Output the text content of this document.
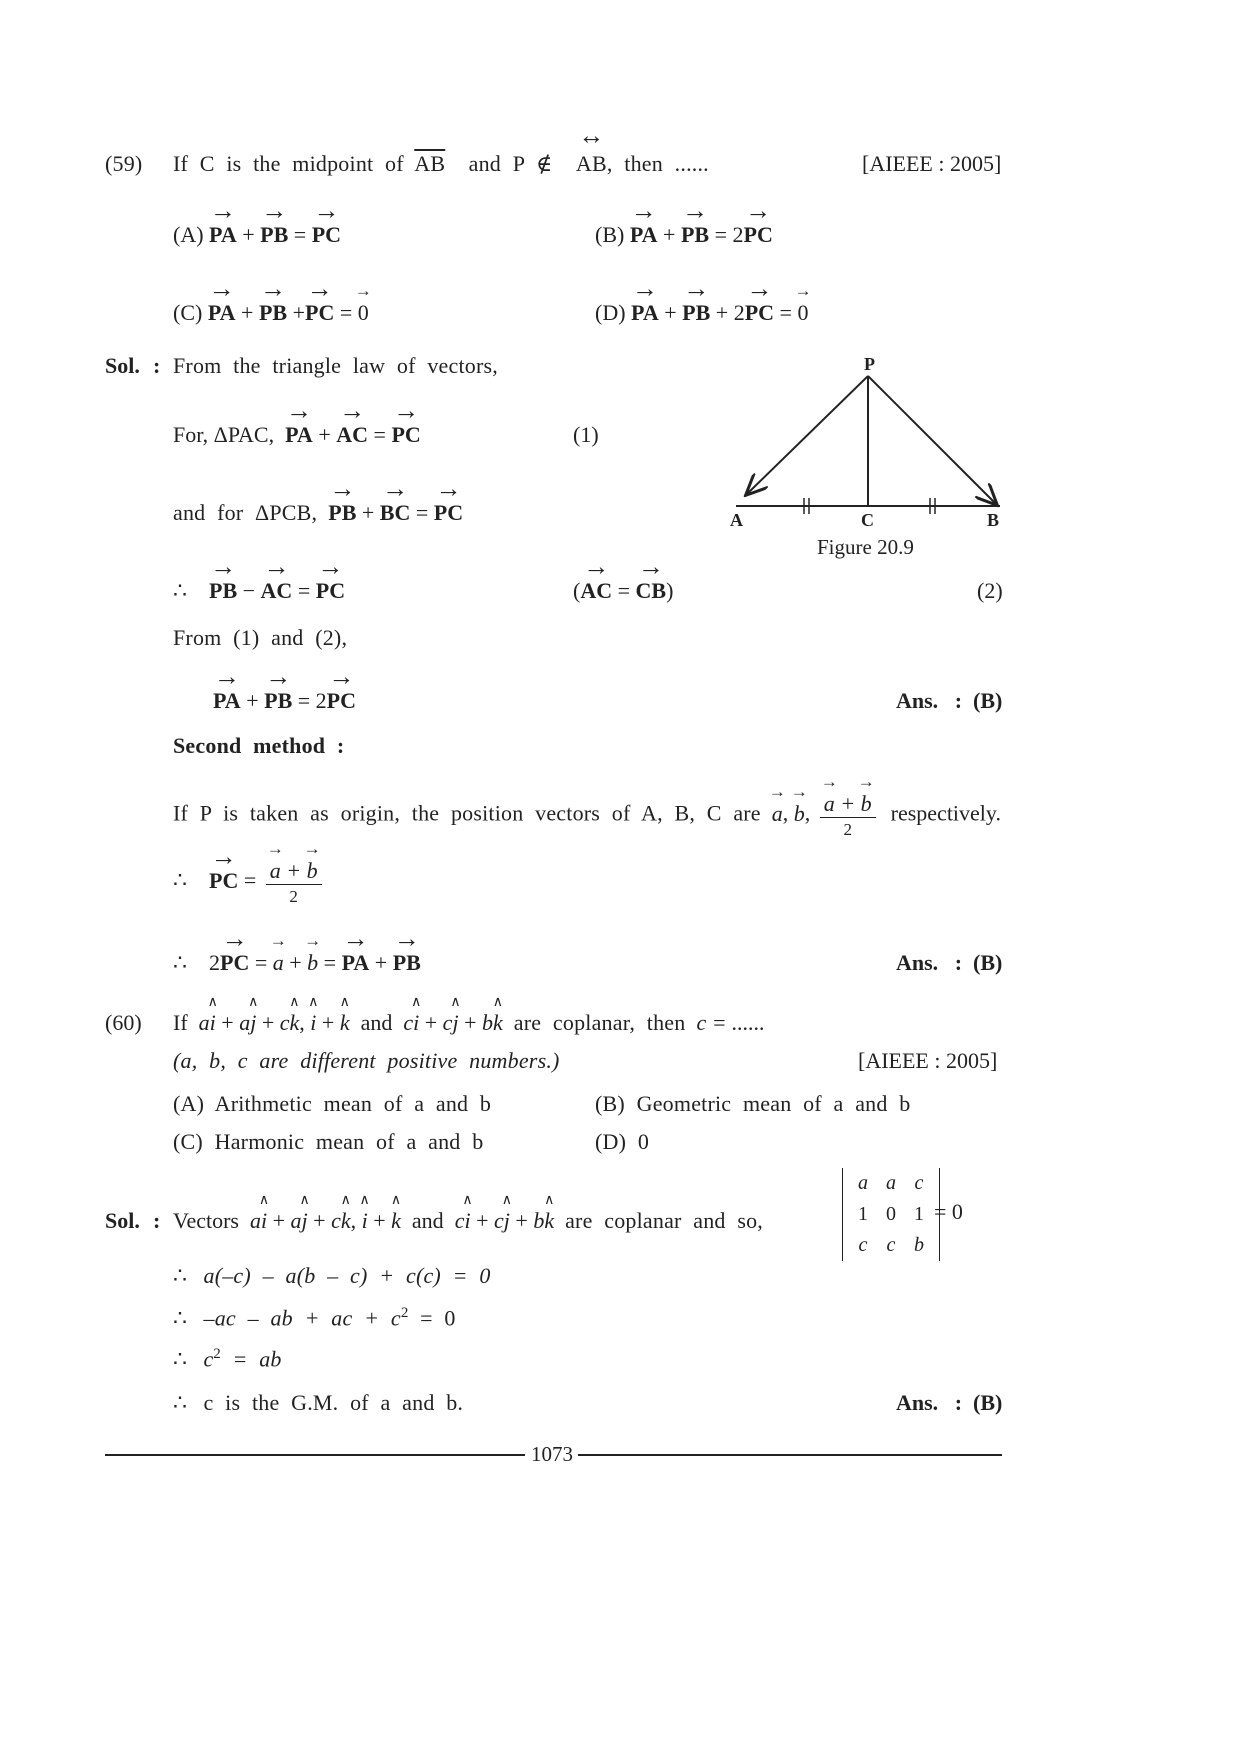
(59) If C is the midpoint of $\overline{AB}$ and P ∉ ↔ AB, then ......	[AIEEE : 2005]
(A) → PA + → PB = → PC	(B) → PA + → PB = 2→ PC
(C) → PA + → PB +→ PC = → 0	(D) → PA + → PB + 2→ PC = → 0
Sol. : From the triangle law of vectors,
For, ΔPAC, → PA + → AC = → PC	(1)
and for ΔPCB, → PB + → BC = → PC
∴ → PB − → AC = → PC	(→ AC = → CB)	(2)
From (1) and (2),
→ PA + → PB = 2→ PC	Ans. : (B)
Second method :
If P is taken as origin, the position vectors of A, B, C are → a, → b, → $\frac{a + \to b}{2}$ respectively.
∴ → PC = → $\frac{a + \to b}{2}$
∴ 2→ PC = → a + → b = → PA + → PB	Ans. : (B)
P
A	C	B
Figure 20.9
(60) If a∧ i + a∧ j + c∧ k, ∧ i + ∧ k and c∧ i + c∧ j + b∧ k are coplanar, then c = ......
(a, b, c are different positive numbers.)	[AIEEE : 2005]
(A) Arithmetic mean of a and b	(B) Geometric mean of a and b
(C) Harmonic mean of a and b	(D) 0
Sol. : Vectors a∧ i + a∧ j + c∧ k, ∧ i + ∧ k and c∧ i + c∧ j + b∧ k are coplanar and so,
a a c
1 0 1
c c b
= 0
∴ a(–c) – a(b – c) + c(c) = 0
∴ –ac – ab + ac + $c^2 = 0$
∴ $c^2$ = ab
∴ c is the G.M. of a and b.	Ans. : (B)
1073
